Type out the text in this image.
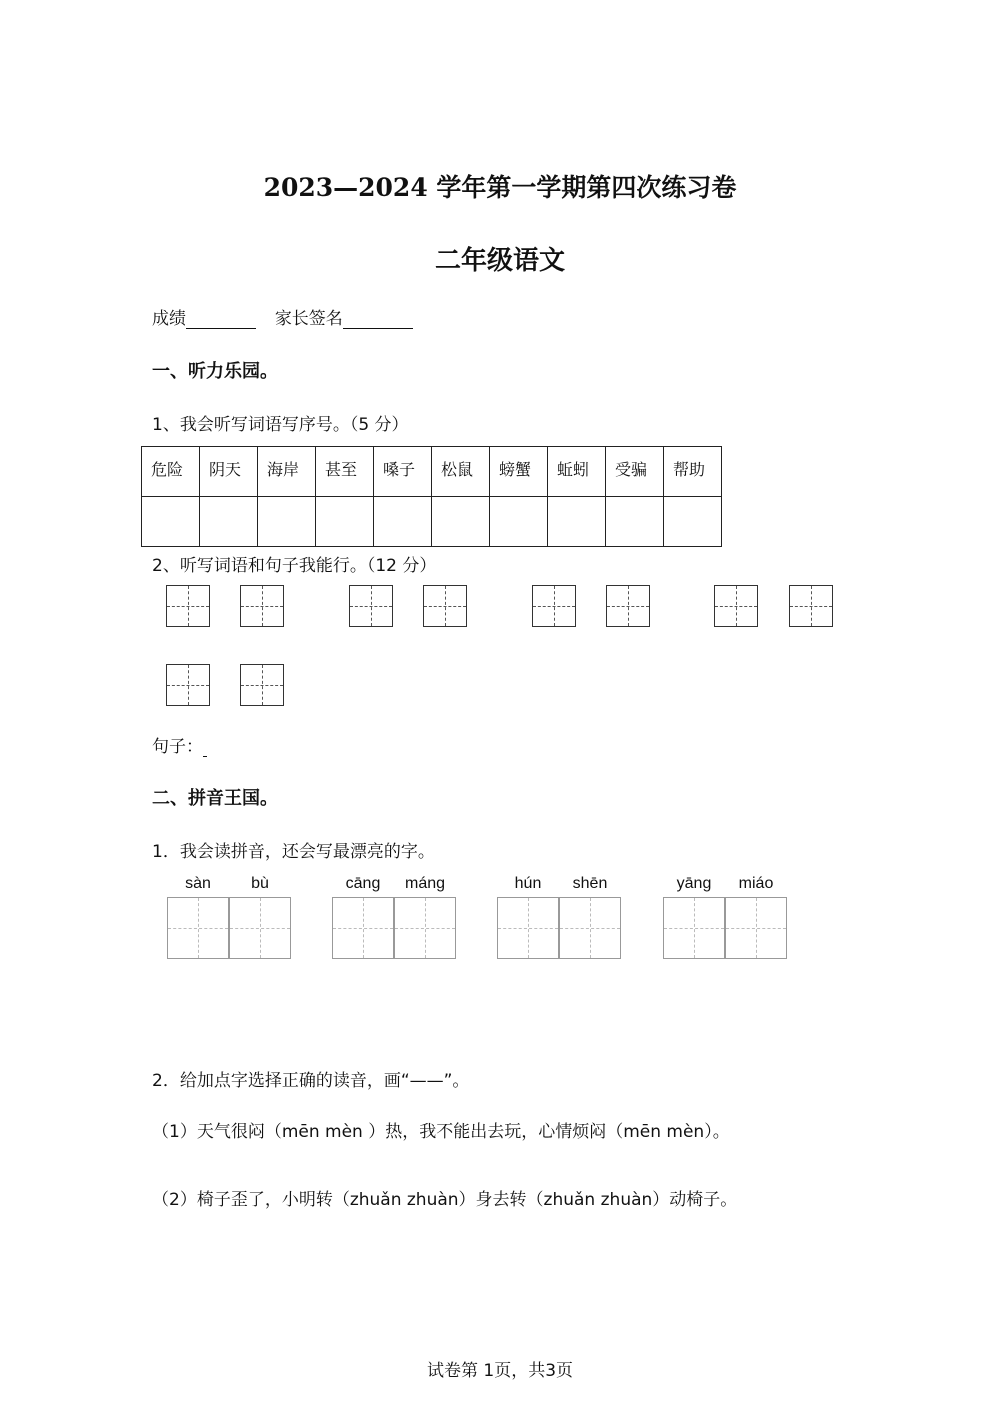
2023—2024 学年第一学期第四次练习卷
二年级语文
成绩	家长签名
一、听力乐园。
1、我会听写词语写序号。（5 分）
危险	阴天	海岸	甚至	嗓子	松鼠	螃蟹	蚯蚓	受骗	帮助

2、听写词语和句子我能行。（12 分）
句子：
二、拼音王国。
1．我会读拼音，还会写最漂亮的字。
sàn	bù	cāng	máng	hún	shēn	yāng	miáo
2．给加点字选择正确的读音，画“——”。
（1）天气很闷（mēn mèn ）热，我不能出去玩，心情烦闷（mēn mèn）。
（2）椅子歪了，小明转（zhuǎn zhuàn）身去转（zhuǎn zhuàn）动椅子。
试卷第 1页，共3页
